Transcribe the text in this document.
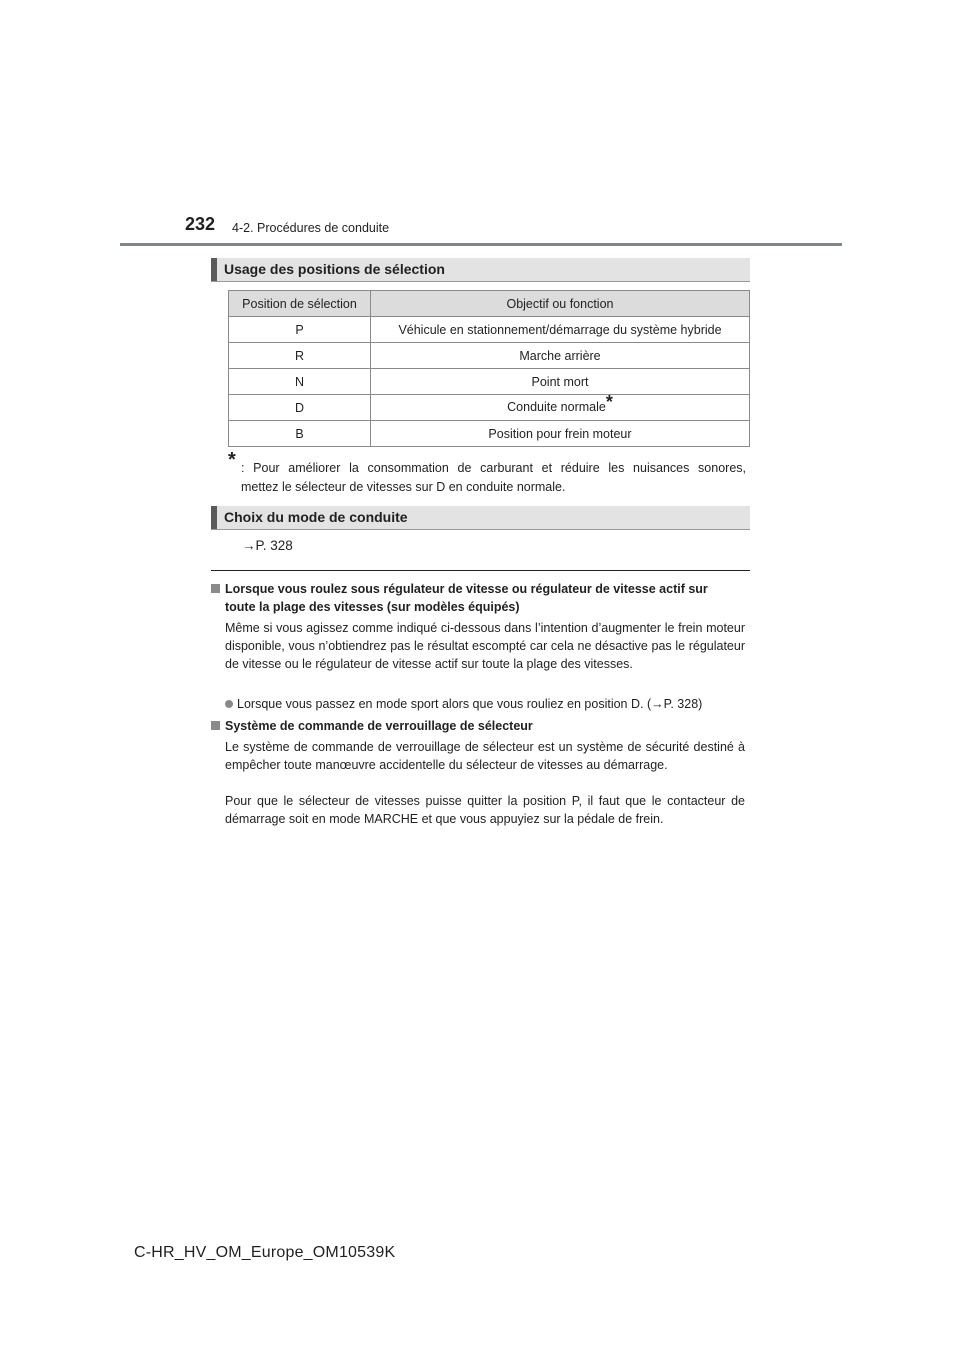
232 4-2. Procédures de conduite
Usage des positions de sélection
Position de sélection	Objectif ou fonction
P	Véhicule en stationnement/démarrage du système hybride
R	Marche arrière
N	Point mort
D	Conduite normale*
B	Position pour frein moteur
* : Pour améliorer la consommation de carburant et réduire les nuisances sonores,
mettez le sélecteur de vitesses sur D en conduite normale.
Choix du mode de conduite
→P. 328
Lorsque vous roulez sous régulateur de vitesse ou régulateur de vitesse actif sur
toute la plage des vitesses (sur modèles équipés)
Même si vous agissez comme indiqué ci-dessous dans l’intention d’augmenter le frein moteur disponible, vous n’obtiendrez pas le résultat escompté car cela ne désactive pas le régulateur de vitesse ou le régulateur de vitesse actif sur toute la plage des vitesses.
Lorsque vous passez en mode sport alors que vous rouliez en position D. (→P. 328)
Système de commande de verrouillage de sélecteur
Le système de commande de verrouillage de sélecteur est un système de sécurité destiné à empêcher toute manœuvre accidentelle du sélecteur de vitesses au démarrage.
Pour que le sélecteur de vitesses puisse quitter la position P, il faut que le contacteur de démarrage soit en mode MARCHE et que vous appuyiez sur la pédale de frein.
C-HR_HV_OM_Europe_OM10539K
